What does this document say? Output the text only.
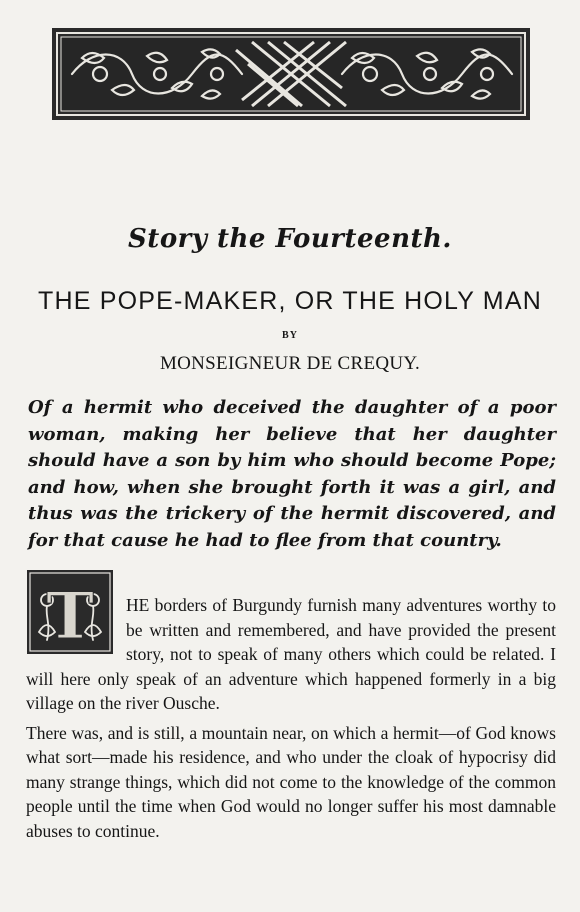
Story the Fourteenth.
THE POPE-MAKER, OR THE HOLY MAN
BY
MONSEIGNEUR DE CREQUY.
Of a hermit who deceived the daughter of a poor woman, making her believe that her daughter should have a son by him who should become Pope; and how, when she brought forth it was a girl, and thus was the trickery of the hermit discovered, and for that cause he had to flee from that country.
T	HE borders of Burgundy furnish many adventures worthy to be written and remembered, and have provided the present story, not to speak of many others which could be related. I will here only speak of an adventure which happened formerly in a big village on the river Ousche.

There was, and is still, a mountain near, on which a hermit—of God knows what sort—made his residence, and who under the cloak of hypocrisy did many strange things, which did not come to the knowledge of the common people until the time when God would no longer suffer his most damnable abuses to continue.
